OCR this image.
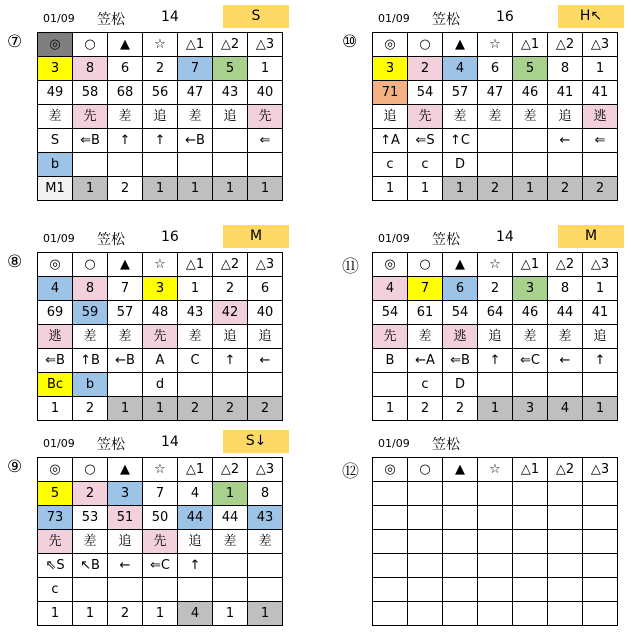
01/09 笠松	14	S
⑦ ◎	○	▲	☆	△1	△2	△3
3	8	6	2	7	5	1
49	58	68	56	47	43	40
差	先	差	追	差	追	先
S	⇐B	↑	↑	←B		⇐
b						
M1	1	2	1	1	1	1
01/09 笠松	16	H↖
⑩ ◎	○	▲	☆	△1	△2	△3
3	2	4	6	5	8	1
71	54	57	47	46	41	41
追	先	差	差	差	追	逃
↑A	⇐S	↑C			←	⇐
c	c	D				
1	1	1	2	1	2	2
01/09 笠松	16	M
⑧ ◎	○	▲	☆	△1	△2	△3
4	8	7	3	1	2	6
69	59	57	48	43	42	40
逃	差	差	先	差	追	追
⇐B	↑B	←B	A	C	↑	←
Bc	b		d			
1	2	1	1	2	2	2
01/09 笠松	14	M
⑪ ◎	○	▲	☆	△1	△2	△3
4	7	6	2	3	8	1
54	61	54	64	46	44	41
先	差	逃	追	差	差	追
B	←A	⇐B	↑	⇐C	←	↑
	c	D				
1	2	2	1	3	4	1
01/09 笠松	14	S↓
⑨ ◎	○	▲	☆	△1	△2	△3
5	2	3	7	4	1	8
73	53	51	50	44	44	43
先	差	追	先	追	差	差
⇖S	↖B	←	⇐C	↑		
c						
1	1	2	1	4	1	1
01/09 笠松
⑫ ◎	○	▲	☆	△1	△2	△3
